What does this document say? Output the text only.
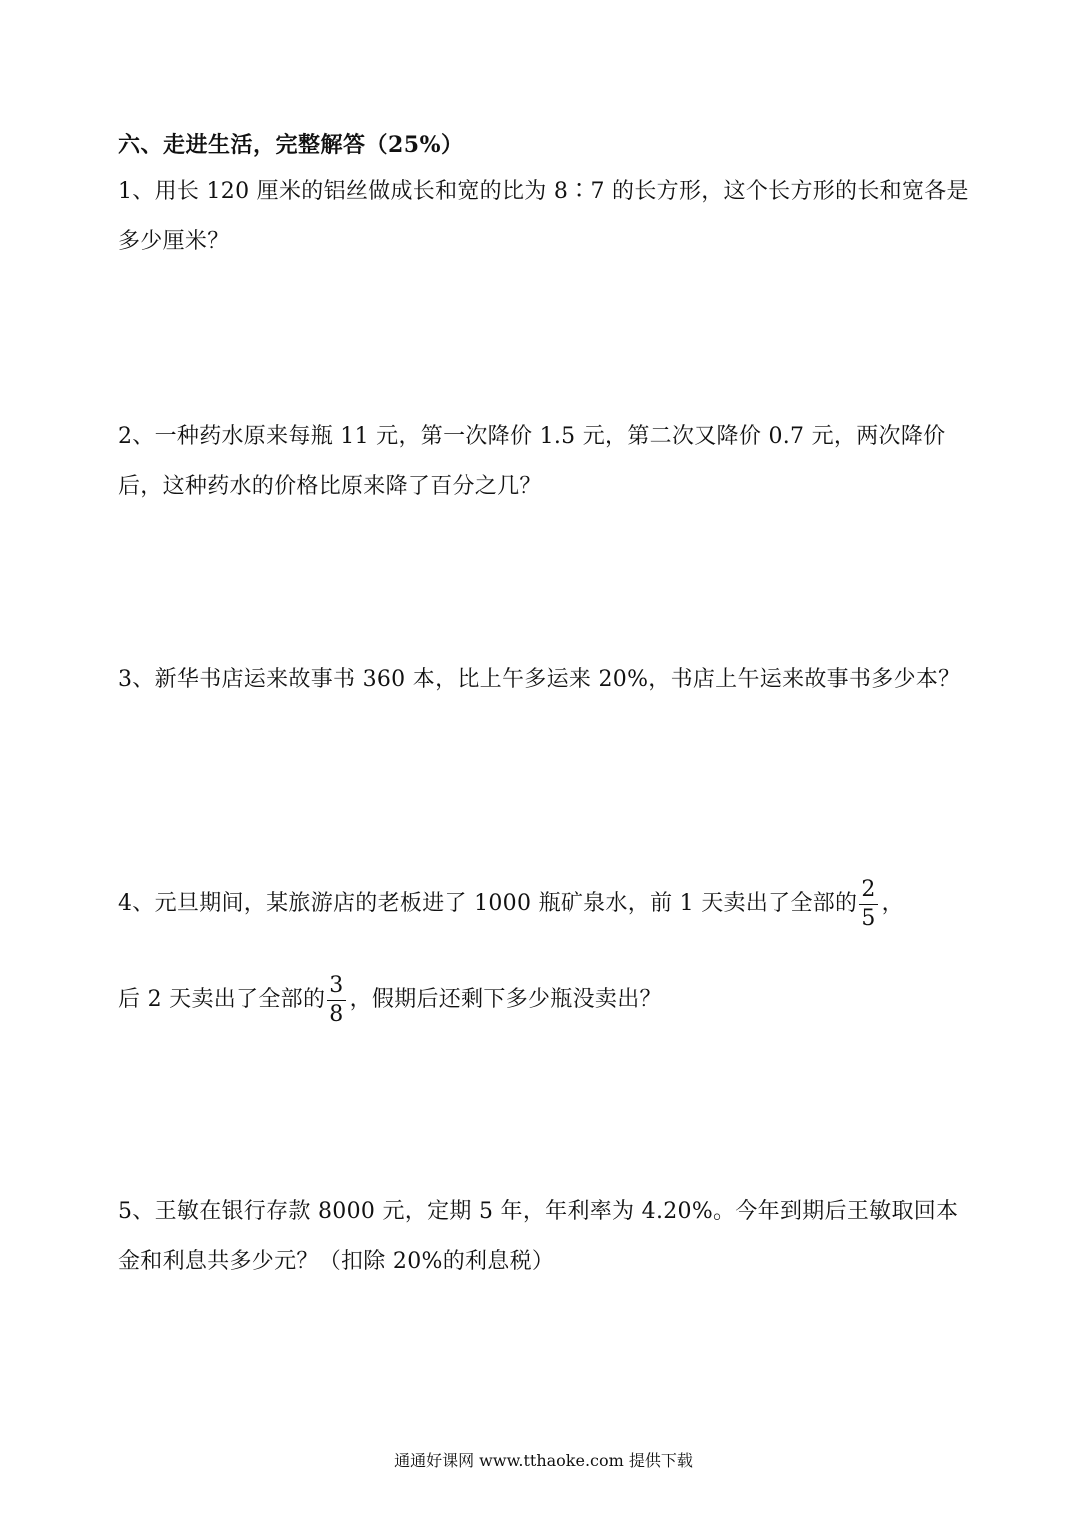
六、走进生活，完整解答（25%）
1、用长 120 厘米的铝丝做成长和宽的比为 8∶7 的长方形，这个长方形的长和宽各是多少厘米？
2、一种药水原来每瓶 11 元，第一次降价 1.5 元，第二次又降价 0.7 元，两次降价后，这种药水的价格比原来降了百分之几？
3、新华书店运来故事书 360 本，比上午多运来 20%，书店上午运来故事书多少本？
4、元旦期间，某旅游店的老板进了 1000 瓶矿泉水，前 1 天卖出了全部的 $\frac{2}{5}$ ，
后 2 天卖出了全部的 $\frac{3}{8}$ ，假期后还剩下多少瓶没卖出？
5、王敏在银行存款 8000 元，定期 5 年，年利率为 4.20%。今年到期后王敏取回本金和利息共多少元？（扣除 20%的利息税）
通通好课网 www.tthaoke.com 提供下载
